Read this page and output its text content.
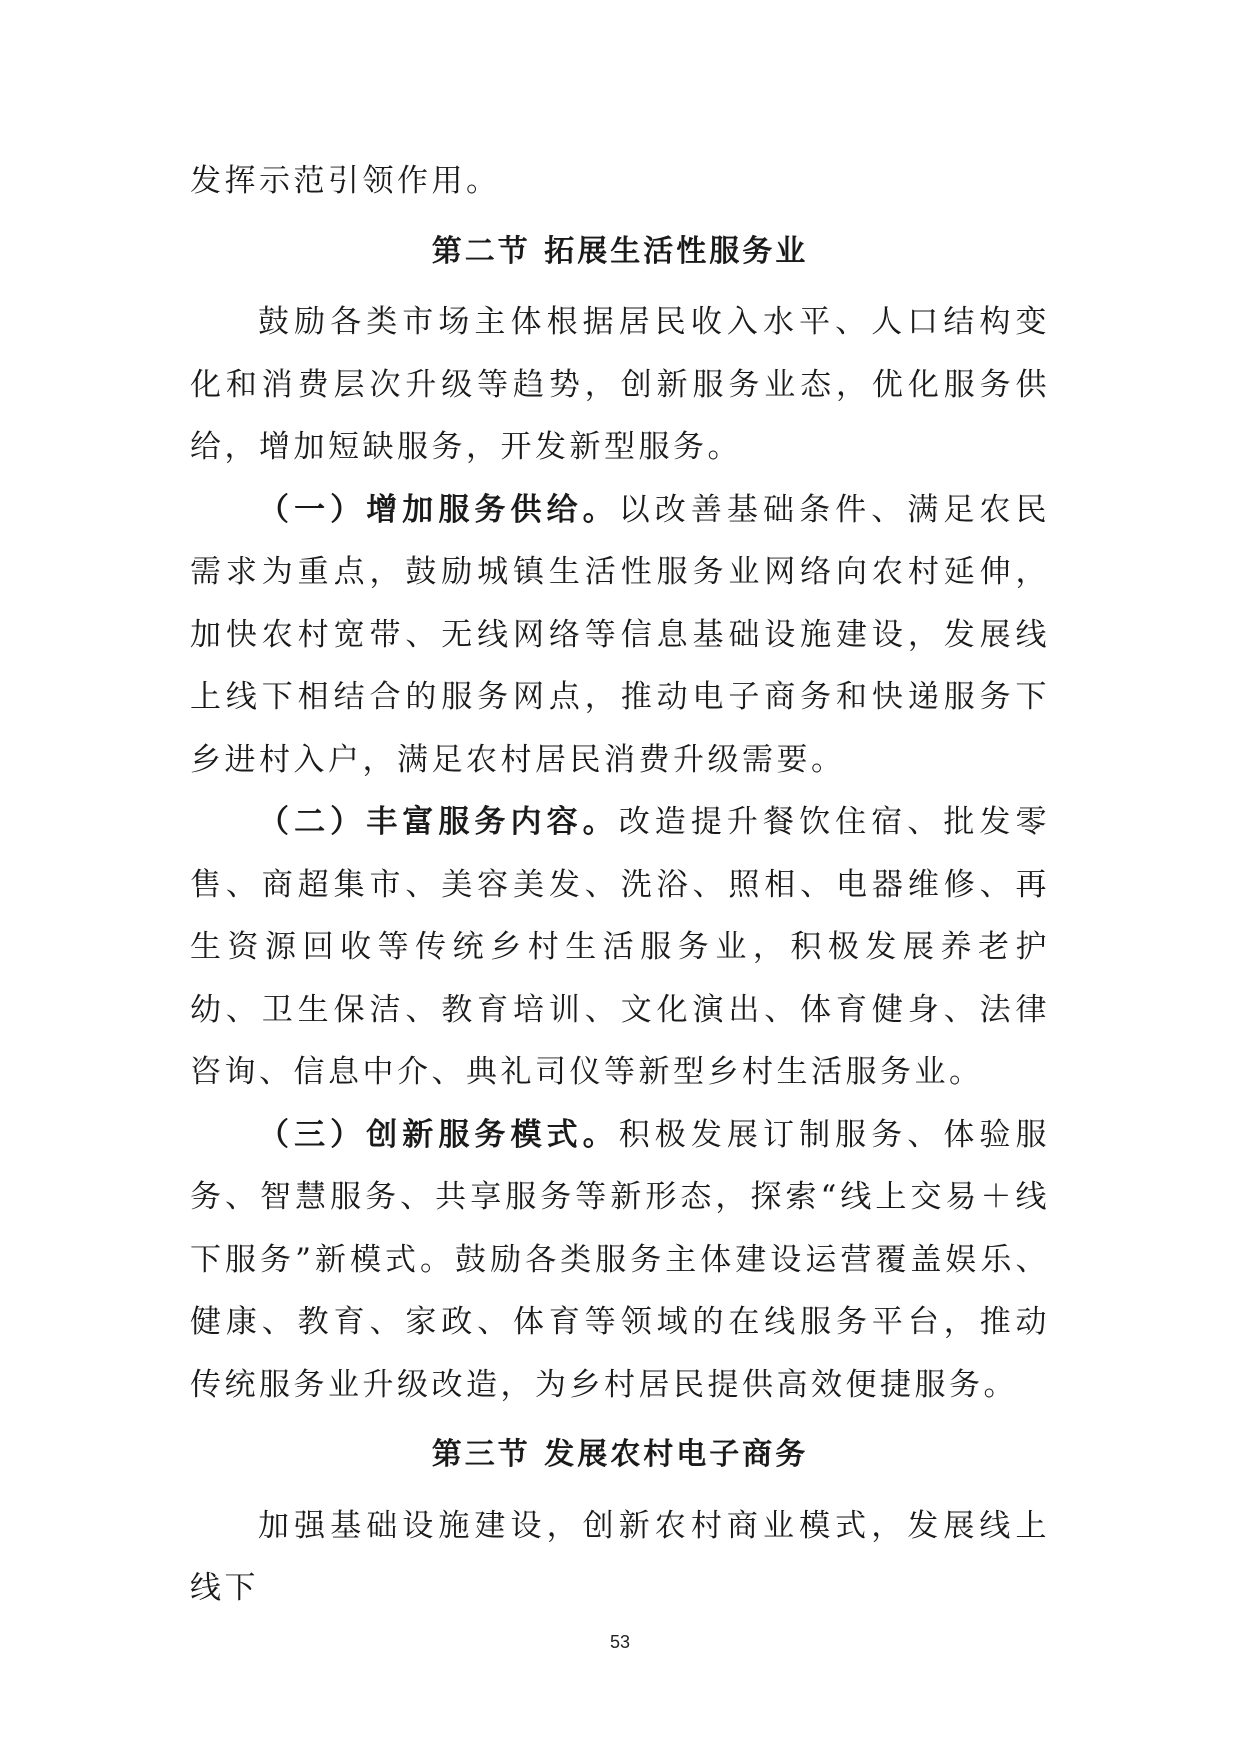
发挥示范引领作用。

第二节 拓展生活性服务业

鼓励各类市场主体根据居民收入水平、人口结构变化和消费层次升级等趋势，创新服务业态，优化服务供给，增加短缺服务，开发新型服务。

（一）增加服务供给。以改善基础条件、满足农民需求为重点，鼓励城镇生活性服务业网络向农村延伸，加快农村宽带、无线网络等信息基础设施建设，发展线上线下相结合的服务网点，推动电子商务和快递服务下乡进村入户，满足农村居民消费升级需要。

（二）丰富服务内容。改造提升餐饮住宿、批发零售、商超集市、美容美发、洗浴、照相、电器维修、再生资源回收等传统乡村生活服务业，积极发展养老护幼、卫生保洁、教育培训、文化演出、体育健身、法律咨询、信息中介、典礼司仪等新型乡村生活服务业。

（三）创新服务模式。积极发展订制服务、体验服务、智慧服务、共享服务等新形态，探索“线上交易＋线下服务”新模式。鼓励各类服务主体建设运营覆盖娱乐、健康、教育、家政、体育等领域的在线服务平台，推动传统服务业升级改造，为乡村居民提供高效便捷服务。

第三节 发展农村电子商务

加强基础设施建设，创新农村商业模式，发展线上线下

53
